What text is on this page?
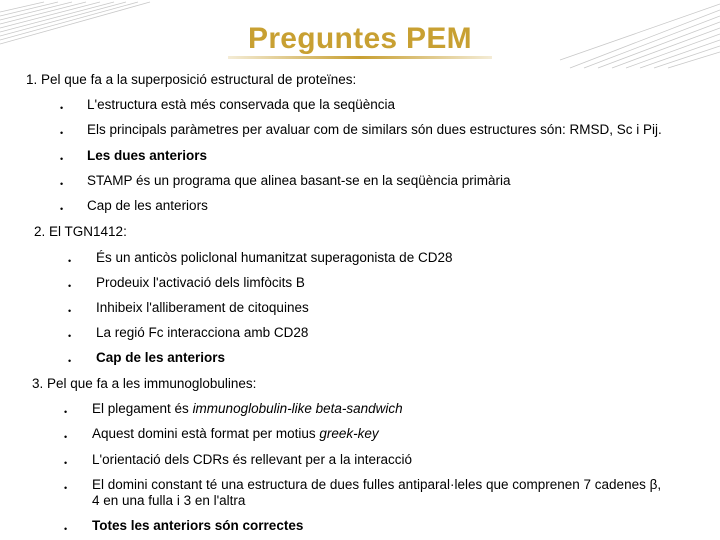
Preguntes PEM
1. Pel que fa a la superposició estructural de proteïnes:
• L'estructura està més conservada que la seqüència
• Els principals paràmetres per avaluar com de similars són dues estructures són: RMSD, Sc i Pij.
• Les dues anteriors
• STAMP és un programa que alinea basant-se en la seqüència primària
• Cap de les anteriors
2. El TGN1412:
• És un anticòs policlonal humanitzat superagonista de CD28
• Prodeuix l'activació dels limfòcits B
• Inhibeix l'alliberament de citoquines
• La regió Fc interacciona amb CD28
• Cap de les anteriors
3. Pel que fa a les immunoglobulines:
• El plegament és immunoglobulin-like beta-sandwich
• Aquest domini està format per motius greek-key
• L'orientació dels CDRs és rellevant per a la interacció
• El domini constant té una estructura de dues fulles antiparal·leles que comprenen 7 cadenes β,
4 en una fulla i 3 en l'altra
• Totes les anteriors són correctes
